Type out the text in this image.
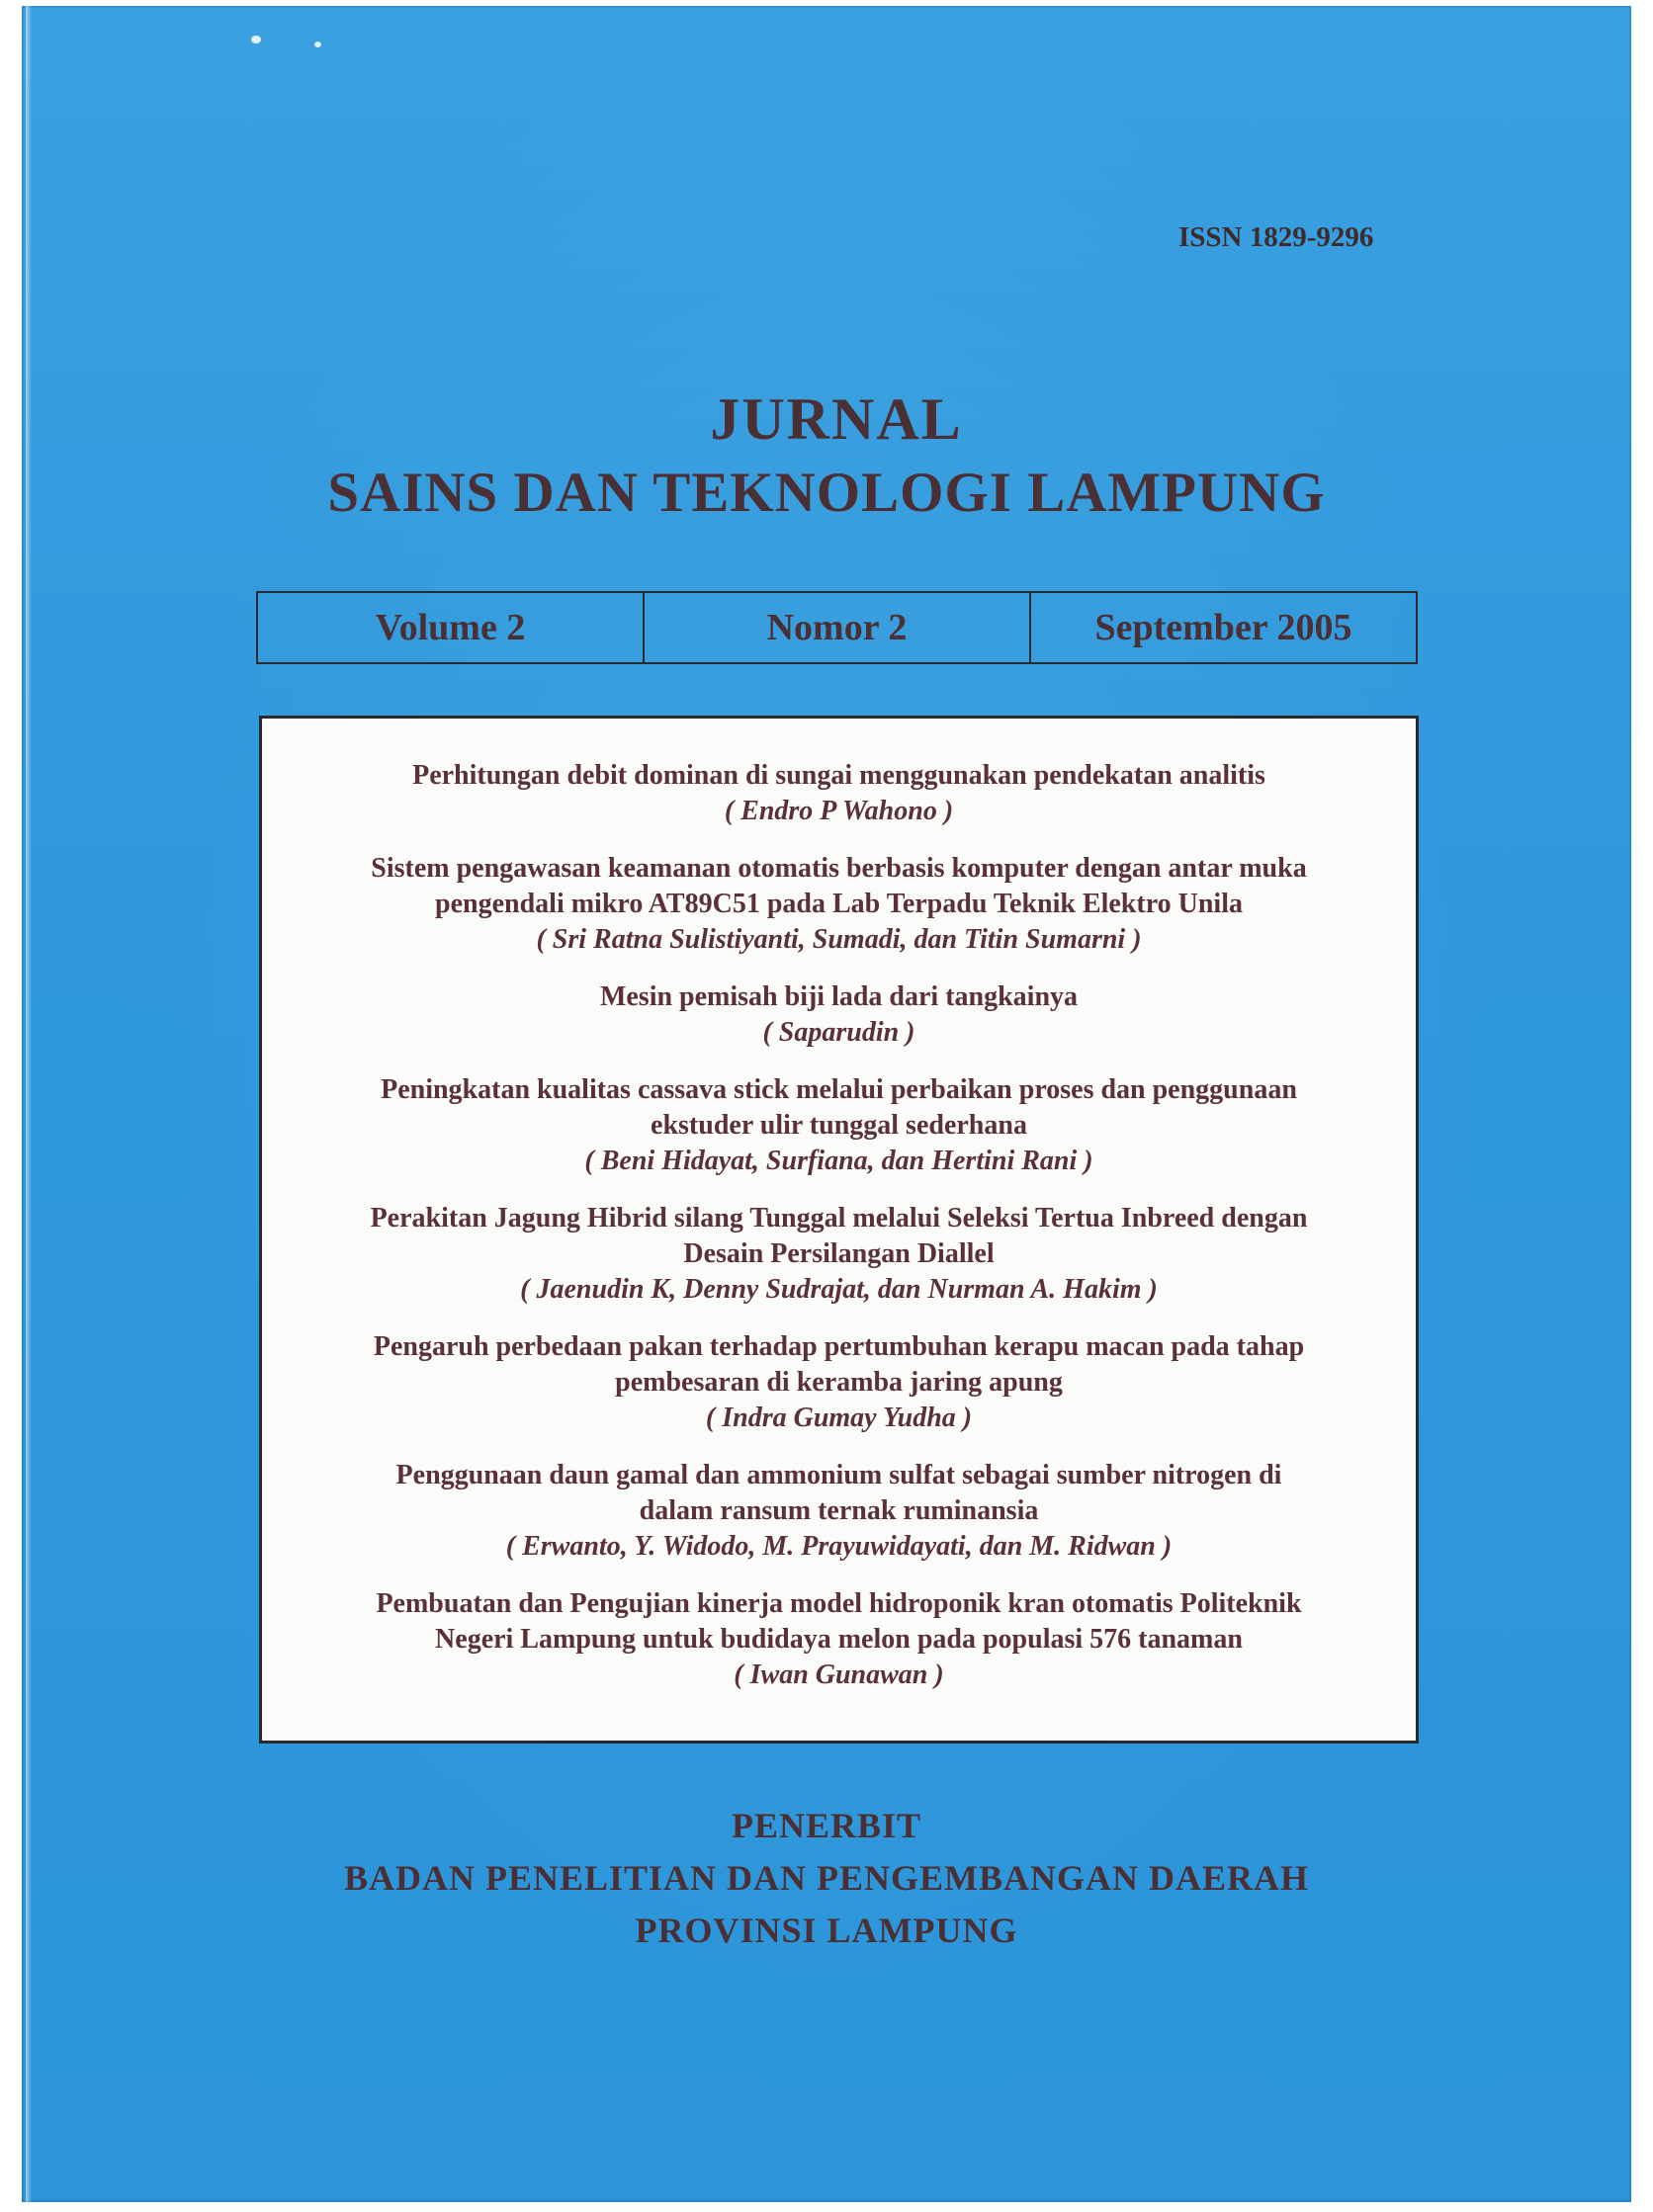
ISSN 1829-9296
JURNAL
SAINS DAN TEKNOLOGI LAMPUNG
Volume 2	Nomor 2	September 2005
Perhitungan debit dominan di sungai menggunakan pendekatan analitis
( Endro P Wahono )
Sistem pengawasan keamanan otomatis berbasis komputer dengan antar muka
pengendali mikro AT89C51 pada Lab Terpadu Teknik Elektro Unila
( Sri Ratna Sulistiyanti, Sumadi, dan Titin Sumarni )
Mesin pemisah biji lada dari tangkainya
( Saparudin )
Peningkatan kualitas cassava stick melalui perbaikan proses dan penggunaan
ekstuder ulir tunggal sederhana
( Beni Hidayat, Surfiana, dan Hertini Rani )
Perakitan Jagung Hibrid silang Tunggal melalui Seleksi Tertua Inbreed dengan
Desain Persilangan Diallel
( Jaenudin K, Denny Sudrajat, dan Nurman A. Hakim )
Pengaruh perbedaan pakan terhadap pertumbuhan kerapu macan pada tahap
pembesaran di keramba jaring apung
( Indra Gumay Yudha )
Penggunaan daun gamal dan ammonium sulfat sebagai sumber nitrogen di
dalam ransum ternak ruminansia
( Erwanto, Y. Widodo, M. Prayuwidayati, dan M. Ridwan )
Pembuatan dan Pengujian kinerja model hidroponik kran otomatis Politeknik
Negeri Lampung untuk budidaya melon pada populasi 576 tanaman
( Iwan Gunawan )
PENERBIT
BADAN PENELITIAN DAN PENGEMBANGAN DAERAH
PROVINSI LAMPUNG
